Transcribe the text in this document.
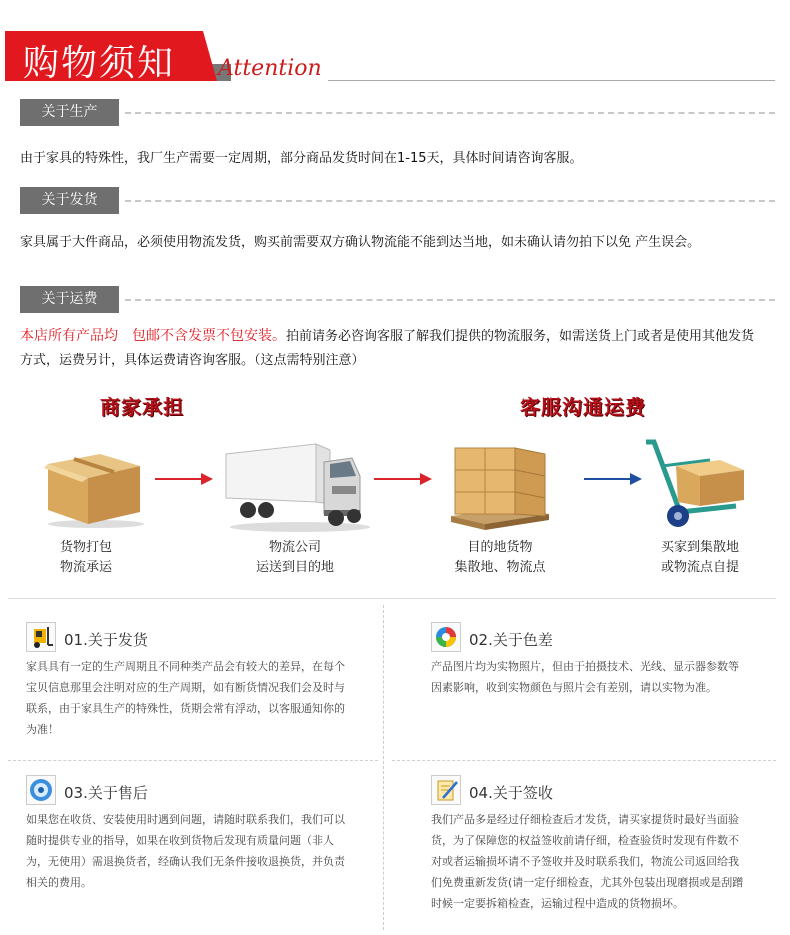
购物须知 Attention
关于生产
由于家具的特殊性，我厂生产需要一定周期，部分商品发货时间在1-15天，具体时间请咨询客服。
关于发货
家具属于大件商品，必须使用物流发货，购买前需要双方确认物流能不能到达当地，如未确认请勿拍下以免 产生误会。
关于运费
本店所有产品均　包邮不含发票不包安装。拍前请务必咨询客服了解我们提供的物流服务，如需送货上门或者是使用其他发货方式，运费另计，具体运费请咨询客服。（这点需特别注意）
商家承担	客服沟通运费
货物打包
物流承运
物流公司
运送到目的地
目的地货物
集散地、物流点
买家到集散地
或物流点自提
01.关于发货
家具具有一定的生产周期且不同种类产品会有较大的差异，在每个宝贝信息那里会注明对应的生产周期，如有断货情况我们会及时与联系，由于家具生产的特殊性，货期会常有浮动，以客服通知你的为准！
02.关于色差
产品图片均为实物照片，但由于拍摄技术、光线、显示器参数等因素影响，收到实物颜色与照片会有差别，请以实物为准。
03.关于售后
如果您在收货、安装使用时遇到问题，请随时联系我们，我们可以随时提供专业的指导，如果在收到货物后发现有质量问题（非人为，无使用）需退换货者，经确认我们无条件接收退换货，并负责相关的费用。
04.关于签收
我们产品多是经过仔细检查后才发货，请买家提货时最好当面验货，为了保障您的权益签收前请仔细，检查验货时发现有件数不对或者运输损坏请不予签收并及时联系我们，物流公司返回给我们免费重新发货(请一定仔细检查，尤其外包装出现磨损或是刮蹭时候一定要拆箱检查，运输过程中造成的货物损坏。
